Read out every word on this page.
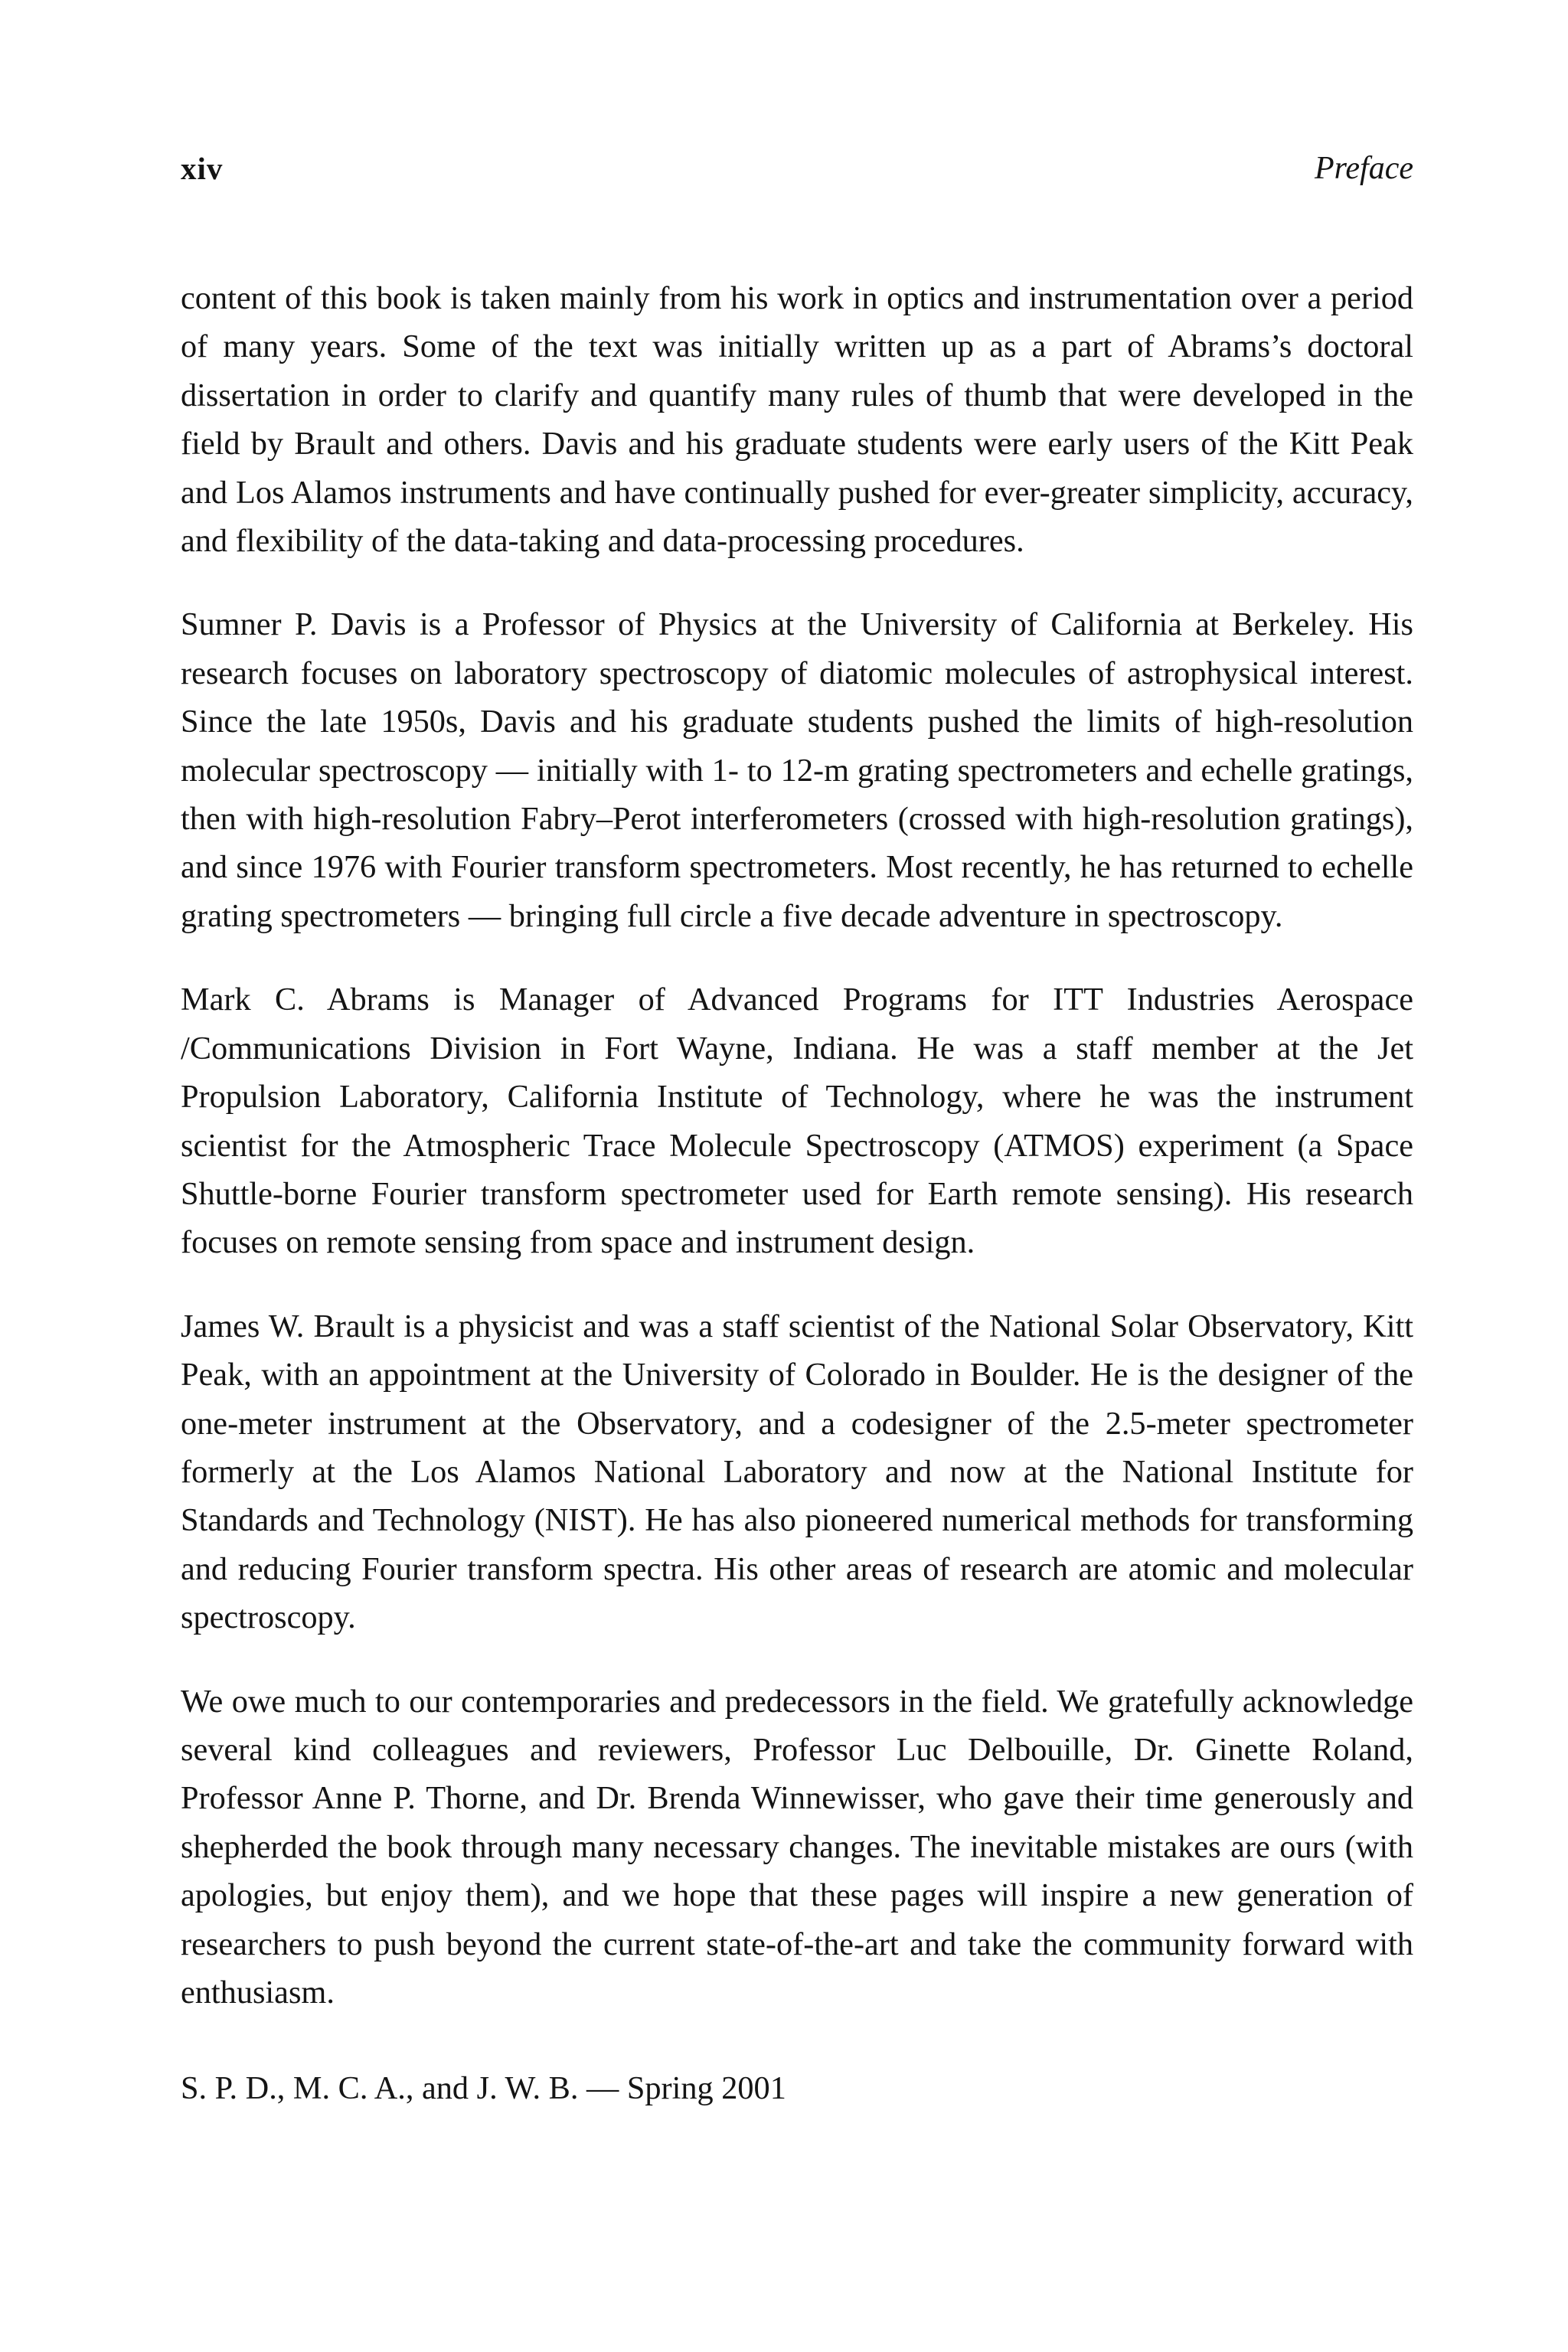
xiv	Preface

content of this book is taken mainly from his work in optics and instrumentation over a period of many years. Some of the text was initially written up as a part of Abrams’s doctoral dissertation in order to clarify and quantify many rules of thumb that were developed in the field by Brault and others. Davis and his graduate students were early users of the Kitt Peak and Los Alamos instruments and have continually pushed for ever-greater simplicity, accuracy, and flexibility of the data-taking and data-processing procedures.

Sumner P. Davis is a Professor of Physics at the University of California at Berkeley. His research focuses on laboratory spectroscopy of diatomic molecules of astrophysical interest. Since the late 1950s, Davis and his graduate students pushed the limits of high-resolution molecular spectroscopy — initially with 1- to 12-m grating spectrometers and echelle gratings, then with high-resolution Fabry–Perot interferometers (crossed with high-resolution gratings), and since 1976 with Fourier transform spectrometers. Most recently, he has returned to echelle grating spectrometers — bringing full circle a five decade adventure in spectroscopy.

Mark C. Abrams is Manager of Advanced Programs for ITT Industries Aerospace /Communications Division in Fort Wayne, Indiana. He was a staff member at the Jet Propulsion Laboratory, California Institute of Technology, where he was the instrument scientist for the Atmospheric Trace Molecule Spectroscopy (ATMOS) experiment (a Space Shuttle-borne Fourier transform spectrometer used for Earth remote sensing). His research focuses on remote sensing from space and instrument design.

James W. Brault is a physicist and was a staff scientist of the National Solar Observatory, Kitt Peak, with an appointment at the University of Colorado in Boulder. He is the designer of the one-meter instrument at the Observatory, and a codesigner of the 2.5-meter spectrometer formerly at the Los Alamos National Laboratory and now at the National Institute for Standards and Technology (NIST). He has also pioneered numerical methods for transforming and reducing Fourier transform spectra. His other areas of research are atomic and molecular spectroscopy.

We owe much to our contemporaries and predecessors in the field. We gratefully acknowledge several kind colleagues and reviewers, Professor Luc Delbouille, Dr. Ginette Roland, Professor Anne P. Thorne, and Dr. Brenda Winnewisser, who gave their time generously and shepherded the book through many necessary changes. The inevitable mistakes are ours (with apologies, but enjoy them), and we hope that these pages will inspire a new generation of researchers to push beyond the current state-of-the-art and take the community forward with enthusiasm.

S. P. D., M. C. A., and J. W. B. — Spring 2001
